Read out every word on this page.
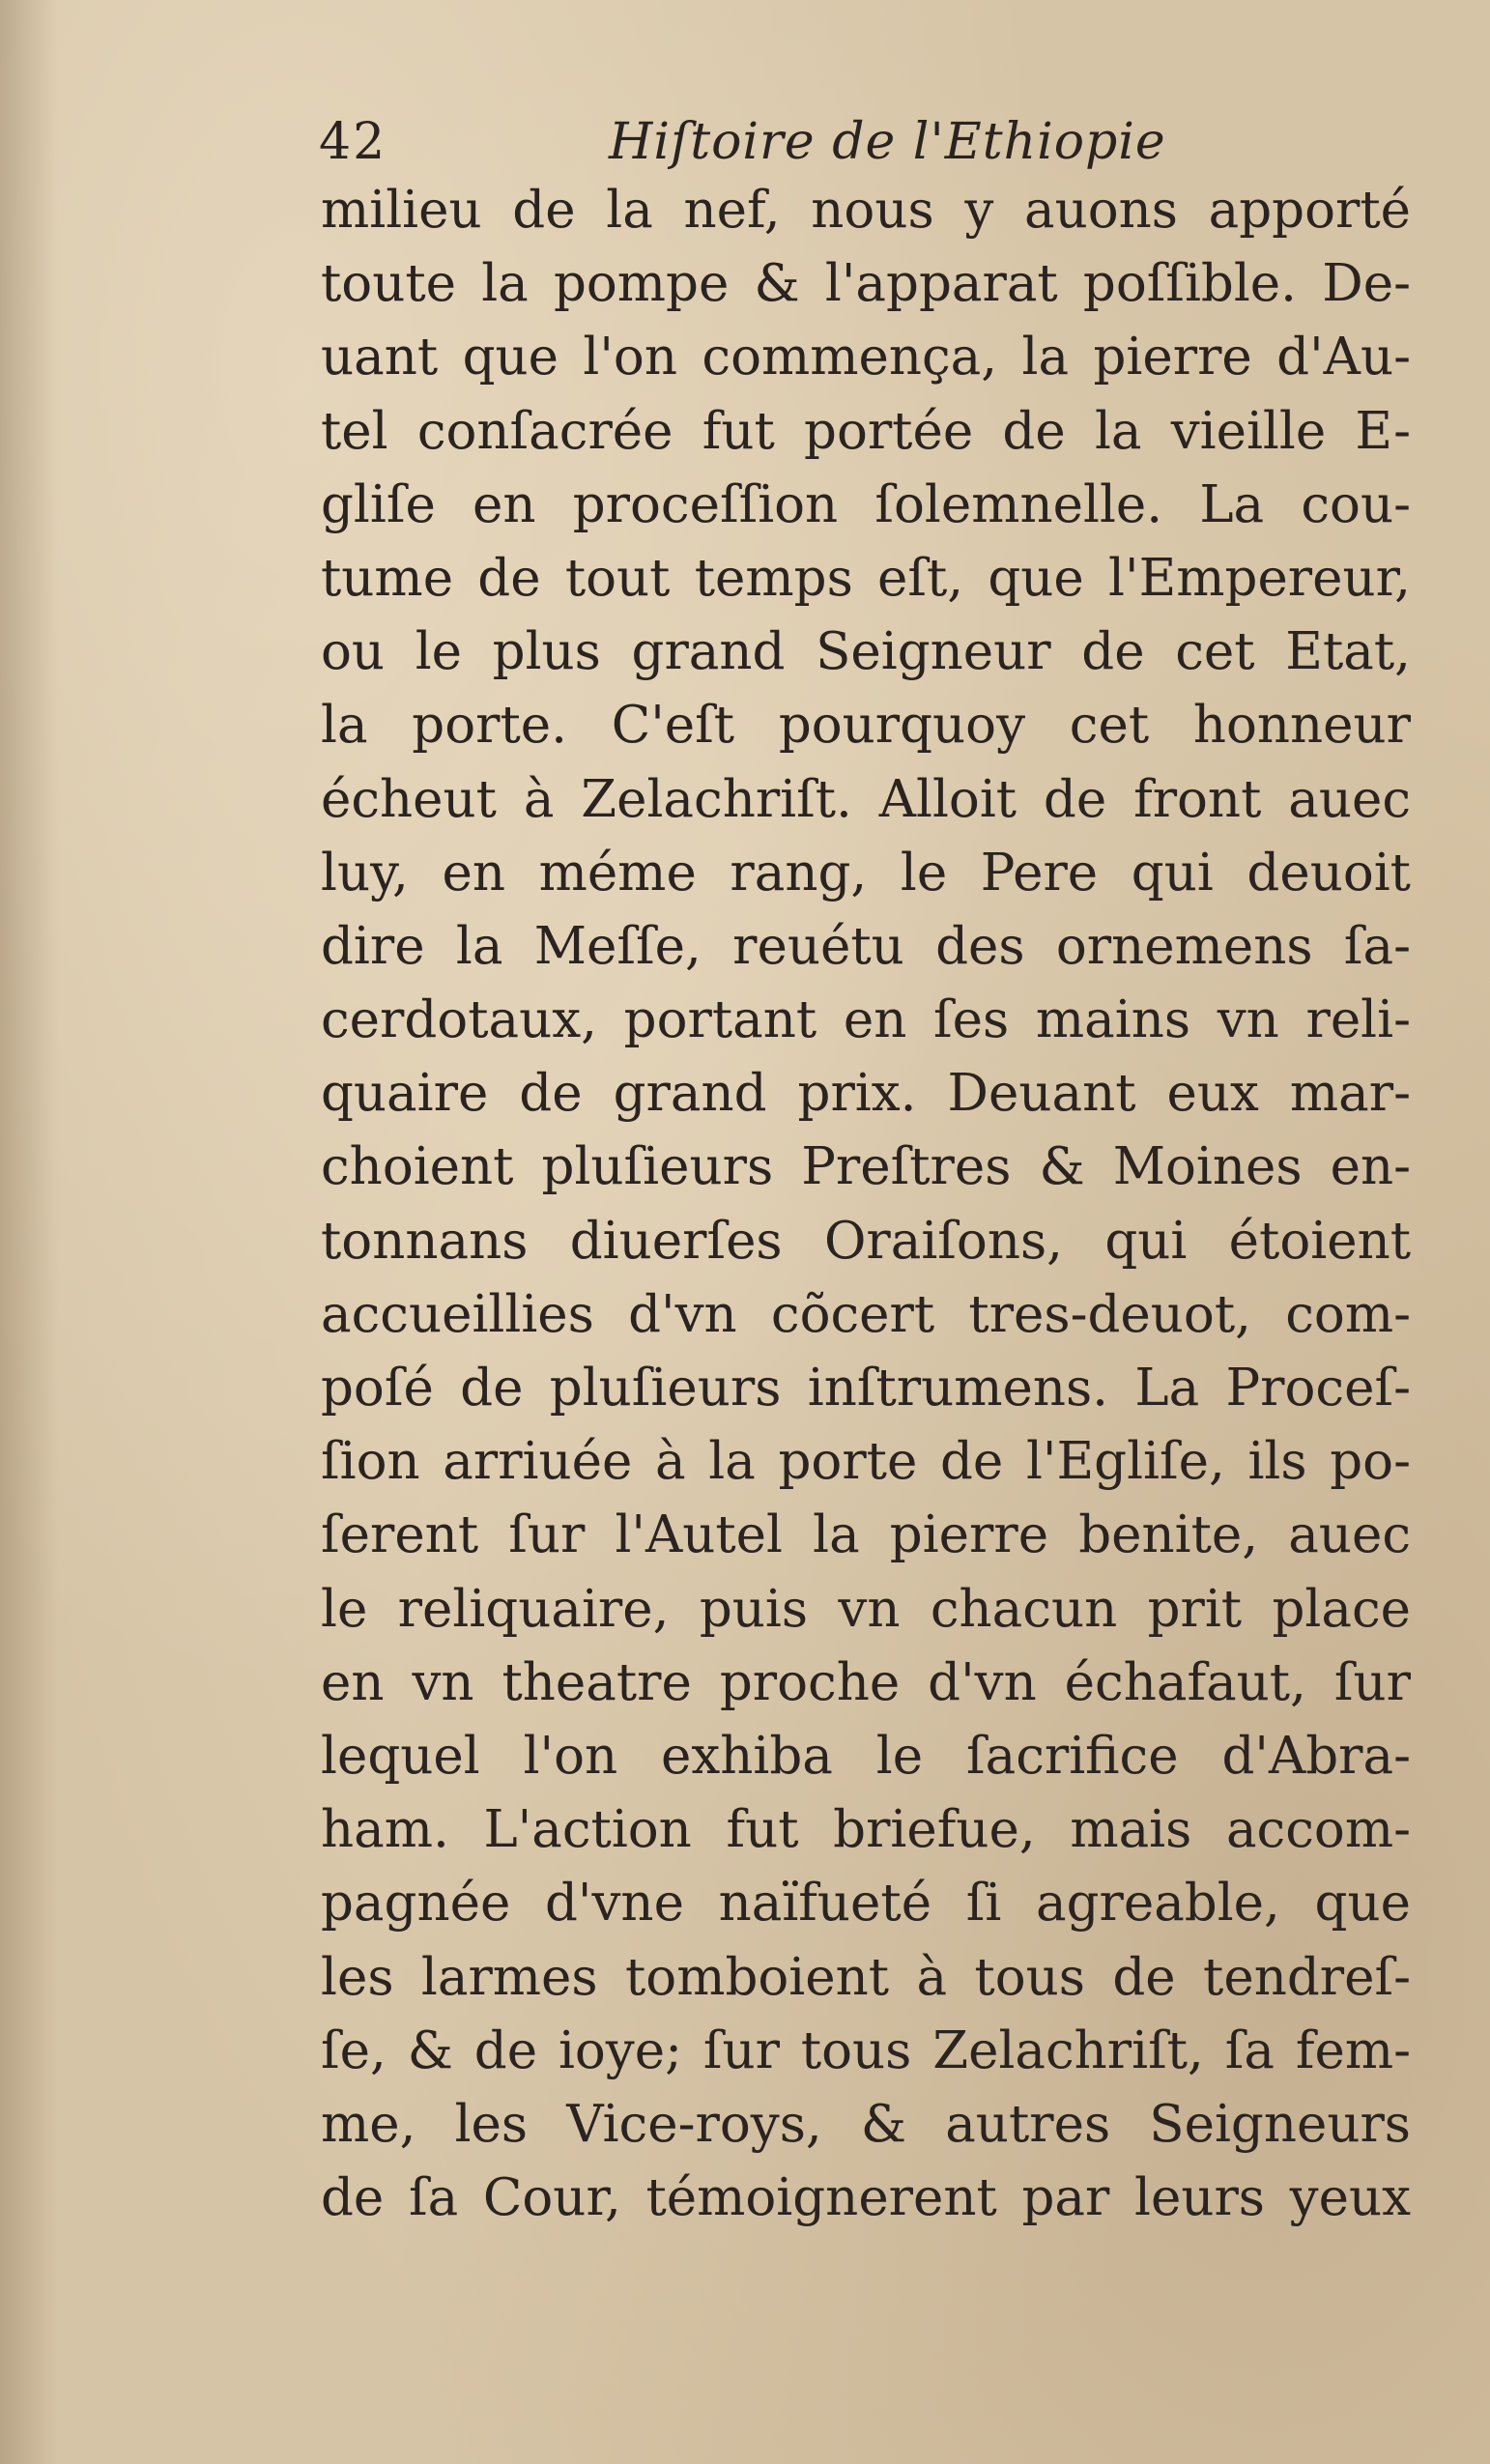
42	Hiſtoire de l'Ethiopie
milieu de la nef, nous y auons apporté
toute la pompe & l'apparat poſſible. De-
uant que l'on commença, la pierre d'Au-
tel conſacrée fut portée de la vieille E-
gliſe en proceſſion ſolemnelle. La cou-
tume de tout temps eſt, que l'Empereur,
ou le plus grand Seigneur de cet Etat,
la porte. C'eſt pourquoy cet honneur
écheut à Zelachriſt. Alloit de front auec
luy, en méme rang, le Pere qui deuoit
dire la Meſſe, reuétu des ornemens ſa-
cerdotaux, portant en ſes mains vn reli-
quaire de grand prix. Deuant eux mar-
choient pluſieurs Preſtres & Moines en-
tonnans diuerſes Oraiſons, qui étoient
accueillies d'vn cõcert tres-deuot, com-
poſé de pluſieurs inſtrumens. La Proceſ-
ſion arriuée à la porte de l'Egliſe, ils po-
ſerent ſur l'Autel la pierre benite, auec
le reliquaire, puis vn chacun prit place
en vn theatre proche d'vn échafaut, ſur
lequel l'on exhiba le ſacrifice d'Abra-
ham. L'action fut briefue, mais accom-
pagnée d'vne naïfueté ſi agreable, que
les larmes tomboient à tous de tendreſ-
ſe, & de ioye; ſur tous Zelachriſt, ſa fem-
me, les Vice-roys, & autres Seigneurs
de ſa Cour, témoignerent par leurs yeux
